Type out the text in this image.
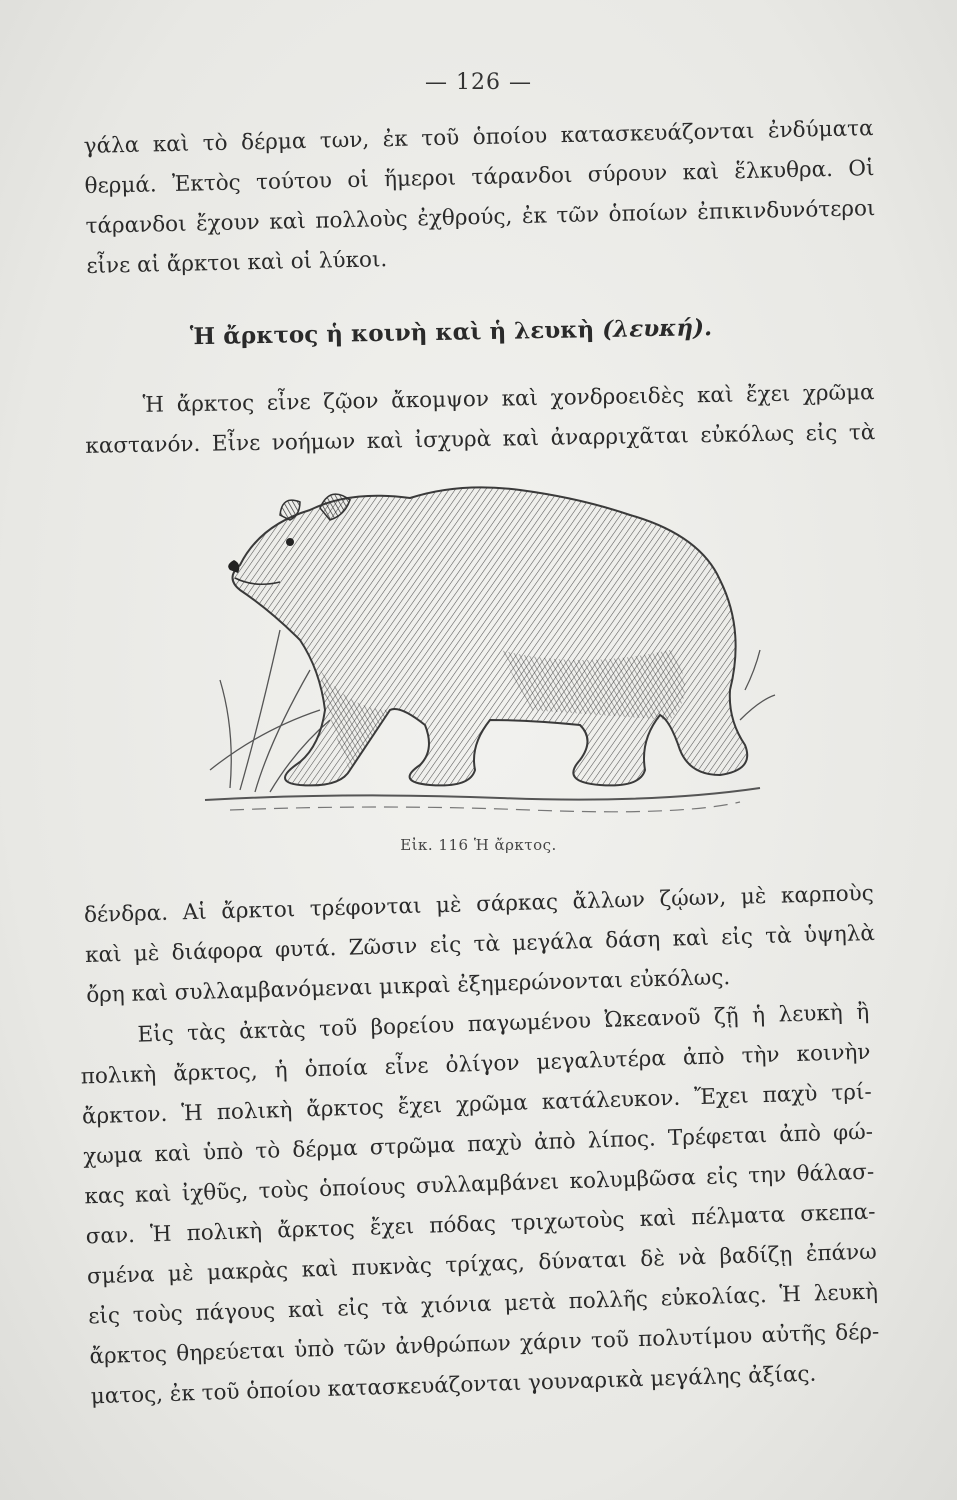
— 126 —
γάλα καὶ τὸ δέρμα των, ἐκ τοῦ ὁποίου κατασκευάζονται ἐνδύματα
θερμά. Ἐκτὸς τούτου οἱ ἥμεροι τάρανδοι σύρουν καὶ ἕλκυθρα. Οἱ
τάρανδοι ἔχουν καὶ πολλοὺς ἐχθρούς, ἐκ τῶν ὁποίων ἐπικινδυνότεροι
εἶνε αἱ ἄρκτοι καὶ οἱ λύκοι.
Ἡ ἄρκτος ἡ κοινὴ καὶ ἡ λευκὴ (λευκή).
Ἡ ἄρκτος εἶνε ζῷον ἄκομψον καὶ χονδροειδὲς καὶ ἔχει χρῶμα
καστανόν. Εἶνε νοήμων καὶ ἰσχυρὰ καὶ ἀναρριχᾶται εὐκόλως εἰς τὰ
Εἰκ. 116 Ἡ ἄρκτος.
δένδρα. Αἱ ἄρκτοι τρέφονται μὲ σάρκας ἄλλων ζῴων, μὲ καρποὺς
καὶ μὲ διάφορα φυτά. Ζῶσιν εἰς τὰ μεγάλα δάση καὶ εἰς τὰ ὑψηλὰ
ὄρη καὶ συλλαμβανόμεναι μικραὶ ἐξημερώνονται εὐκόλως.
Εἰς τὰς ἀκτὰς τοῦ βορείου παγωμένου Ὠκεανοῦ ζῇ ἡ λευκὴ ἢ
πολικὴ ἄρκτος, ἡ ὁποία εἶνε ὀλίγον μεγαλυτέρα ἀπὸ τὴν κοινὴν
ἄρκτον. Ἡ πολικὴ ἄρκτος ἔχει χρῶμα κατάλευκον. Ἔχει παχὺ τρί-
χωμα καὶ ὑπὸ τὸ δέρμα στρῶμα παχὺ ἀπὸ λίπος. Τρέφεται ἀπὸ φώ-
κας καὶ ἰχθῦς, τοὺς ὁποίους συλλαμβάνει κολυμβῶσα εἰς την θάλασ-
σαν. Ἡ πολικὴ ἄρκτος ἔχει πόδας τριχωτοὺς καὶ πέλματα σκεπα-
σμένα μὲ μακρὰς καὶ πυκνὰς τρίχας, δύναται δὲ νὰ βαδίζῃ ἐπάνω
εἰς τοὺς πάγους καὶ εἰς τὰ χιόνια μετὰ πολλῆς εὐκολίας. Ἡ λευκὴ
ἄρκτος θηρεύεται ὑπὸ τῶν ἀνθρώπων χάριν τοῦ πολυτίμου αὐτῆς δέρ-
ματος, ἐκ τοῦ ὁποίου κατασκευάζονται γουναρικὰ μεγάλης ἀξίας.
